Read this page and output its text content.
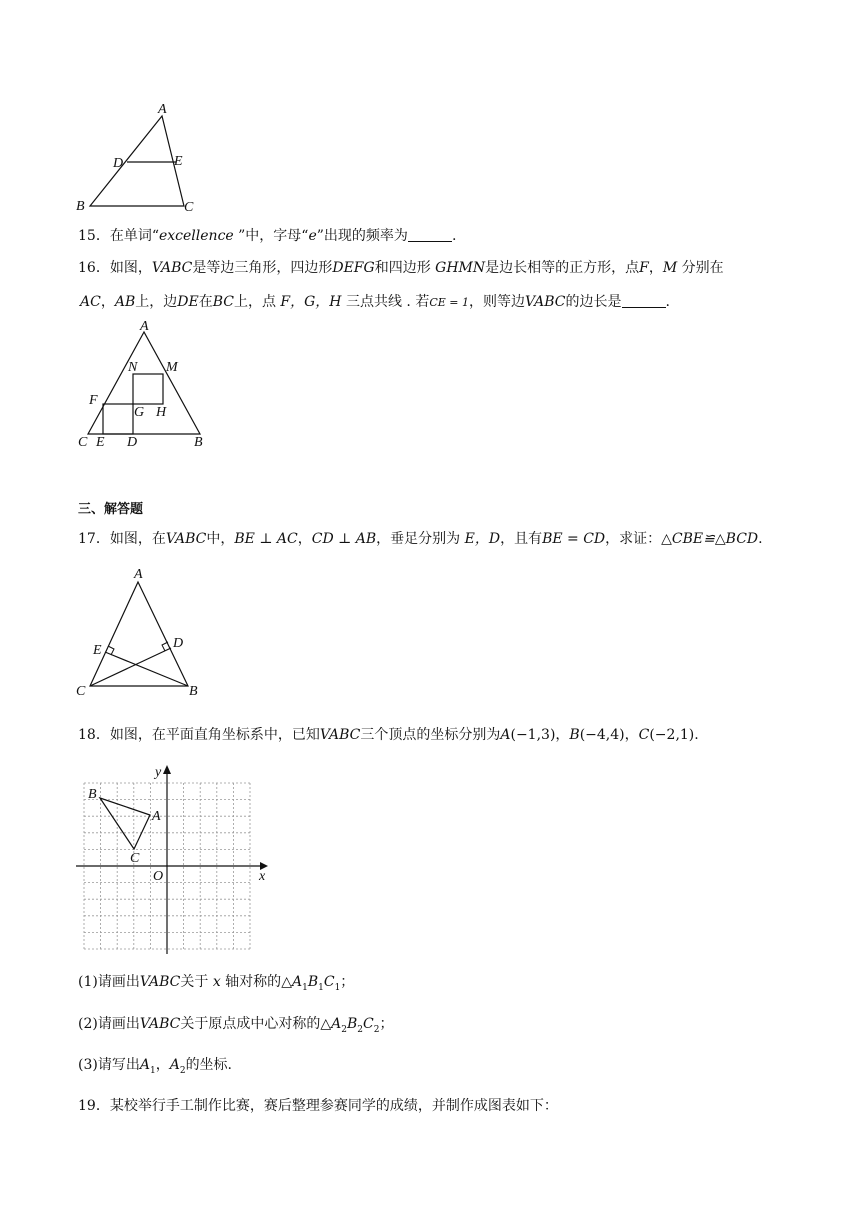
A
D	E
B	C
15．在单词“excellence ”中，字母“e”出现的频率为	.
16．如图，VABC是等边三角形，四边形DEFG和四边形 GHMN是边长相等的正方形，点F，M 分别在
AC，AB上，边DE在BC上，点 F，G，H 三点共线 . 若CE = 1，则等边VABC的边长是	.
A
N M
F
G H
C E D	B
三、解答题
17．如图，在VABC中，BE ⊥ AC，CD ⊥ AB，垂足分别为 E，D，且有BE = CD，求证：△CBE≌△BCD.
A
E	D
C	B
18．如图，在平面直角坐标系中，已知VABC三个顶点的坐标分别为A(−1,3)，B(−4,4)，C(−2,1).
B
A
C
O	x
y
(1)请画出VABC关于 x 轴对称的$\triangle A_1B_1C_1$；
(2)请画出VABC关于原点成中心对称的$\triangle A_2B_2C_2$；
(3)请写出$A_1$，$A_2$的坐标.
19．某校举行手工制作比赛，赛后整理参赛同学的成绩，并制作成图表如下：
